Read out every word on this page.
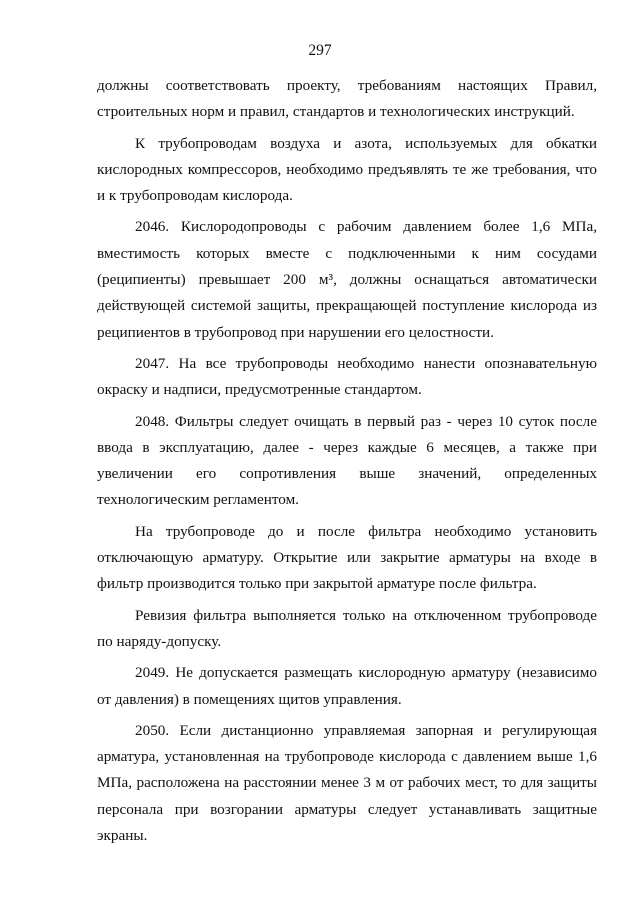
297

должны соответствовать проекту, требованиям настоящих Правил, строительных норм и правил, стандартов и технологических инструкций.

К трубопроводам воздуха и азота, используемых для обкатки кислородных компрессоров, необходимо предъявлять те же требования, что и к трубопроводам кислорода.

2046. Кислородопроводы с рабочим давлением более 1,6 МПа, вместимость которых вместе с подключенными к ним сосудами (реципиенты) превышает 200 м³, должны оснащаться автоматически действующей системой защиты, прекращающей поступление кислорода из реципиентов в трубопровод при нарушении его целостности.

2047. На все трубопроводы необходимо нанести опознавательную окраску и надписи, предусмотренные стандартом.

2048. Фильтры следует очищать в первый раз - через 10 суток после ввода в эксплуатацию, далее - через каждые 6 месяцев, а также при увеличении его сопротивления выше значений, определенных технологическим регламентом.

На трубопроводе до и после фильтра необходимо установить отключающую арматуру. Открытие или закрытие арматуры на входе в фильтр производится только при закрытой арматуре после фильтра.

Ревизия фильтра выполняется только на отключенном трубопроводе по наряду-допуску.

2049. Не допускается размещать кислородную арматуру (независимо от давления) в помещениях щитов управления.

2050. Если дистанционно управляемая запорная и регулирующая арматура, установленная на трубопроводе кислорода с давлением выше 1,6 МПа, расположена на расстоянии менее 3 м от рабочих мест, то для защиты персонала при возгорании арматуры следует устанавливать защитные экраны.
